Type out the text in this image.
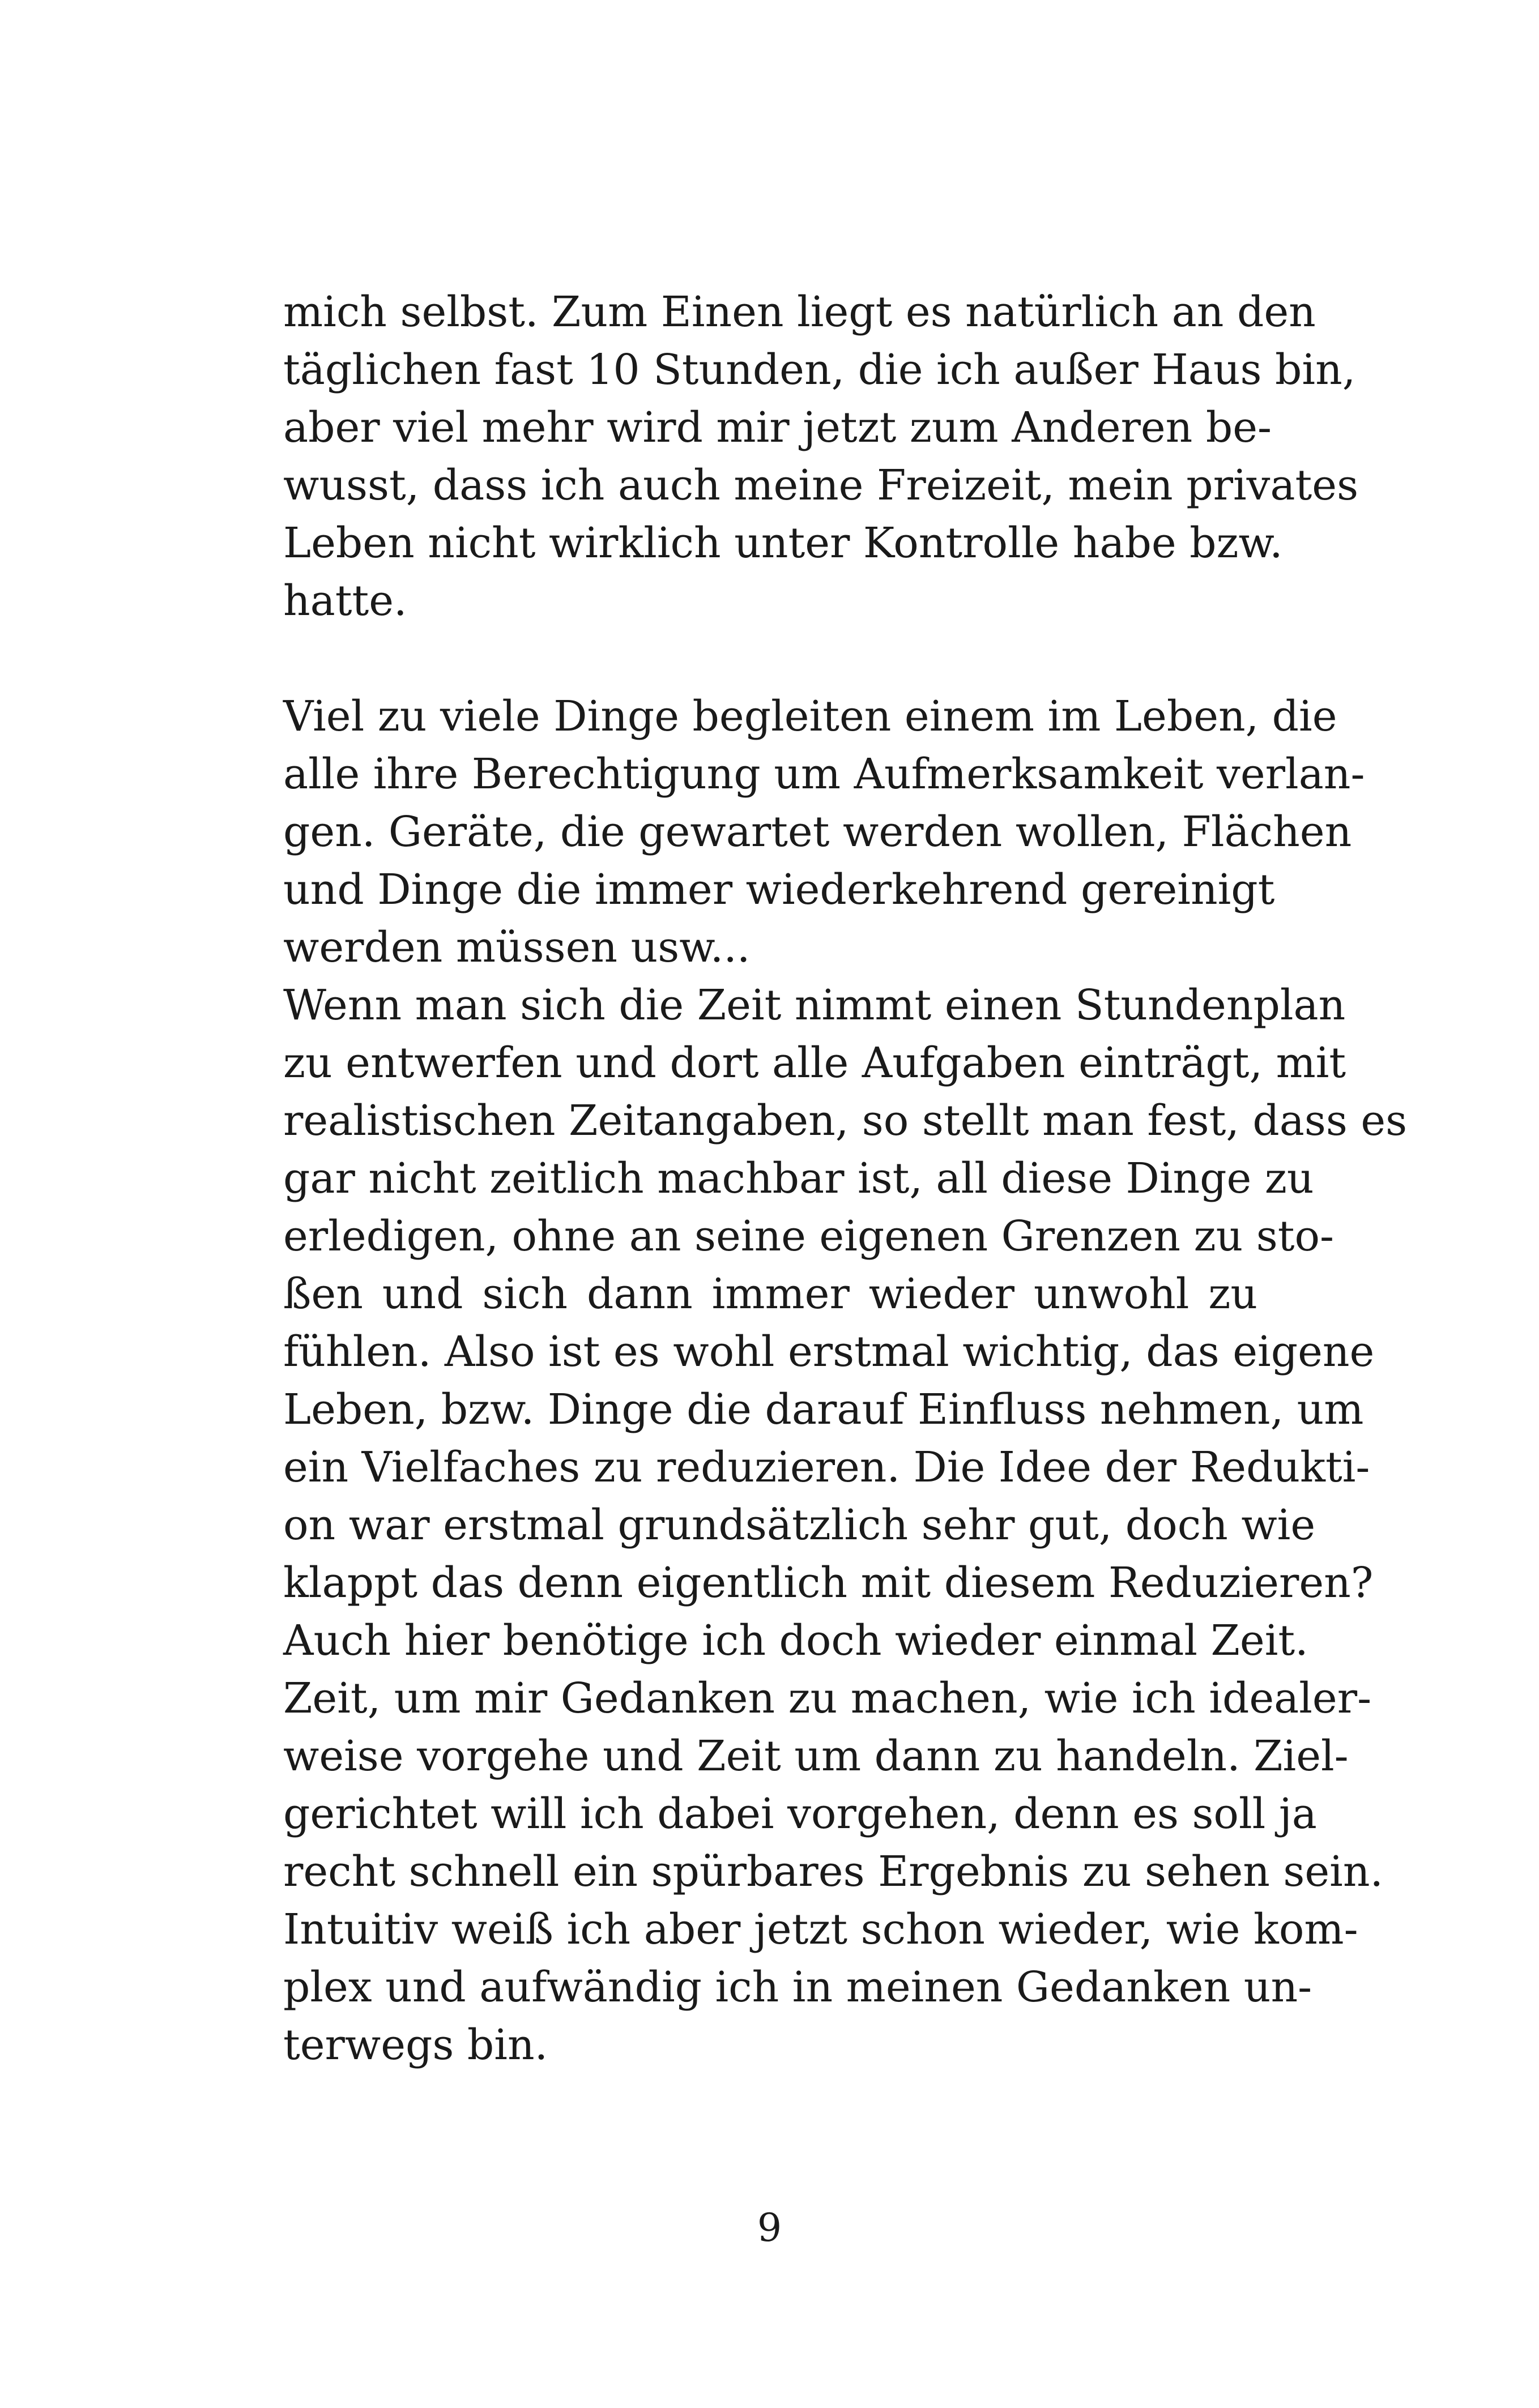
mich selbst. Zum Einen liegt es natürlich an den
täglichen fast 10 Stunden, die ich außer Haus bin,
aber viel mehr wird mir jetzt zum Anderen be-
wusst, dass ich auch meine Freizeit, mein privates
Leben nicht wirklich unter Kontrolle habe bzw.
hatte.
Viel zu viele Dinge begleiten einem im Leben, die
alle ihre Berechtigung um Aufmerksamkeit verlan-
gen. Geräte, die gewartet werden wollen, Flächen
und Dinge die immer wiederkehrend gereinigt
werden müssen usw...
Wenn man sich die Zeit nimmt einen Stundenplan
zu entwerfen und dort alle Aufgaben einträgt, mit
realistischen Zeitangaben, so stellt man fest, dass es
gar nicht zeitlich machbar ist, all diese Dinge zu
erledigen, ohne an seine eigenen Grenzen zu sto-
ßen und sich dann immer wieder unwohl zu
fühlen. Also ist es wohl erstmal wichtig, das eigene
Leben, bzw. Dinge die darauf Einfluss nehmen, um
ein Vielfaches zu reduzieren. Die Idee der Redukti-
on war erstmal grundsätzlich sehr gut, doch wie
klappt das denn eigentlich mit diesem Reduzieren?
Auch hier benötige ich doch wieder einmal Zeit.
Zeit, um mir Gedanken zu machen, wie ich idealer-
weise vorgehe und Zeit um dann zu handeln. Ziel-
gerichtet will ich dabei vorgehen, denn es soll ja
recht schnell ein spürbares Ergebnis zu sehen sein.
Intuitiv weiß ich aber jetzt schon wieder, wie kom-
plex und aufwändig ich in meinen Gedanken un-
terwegs bin.
9
